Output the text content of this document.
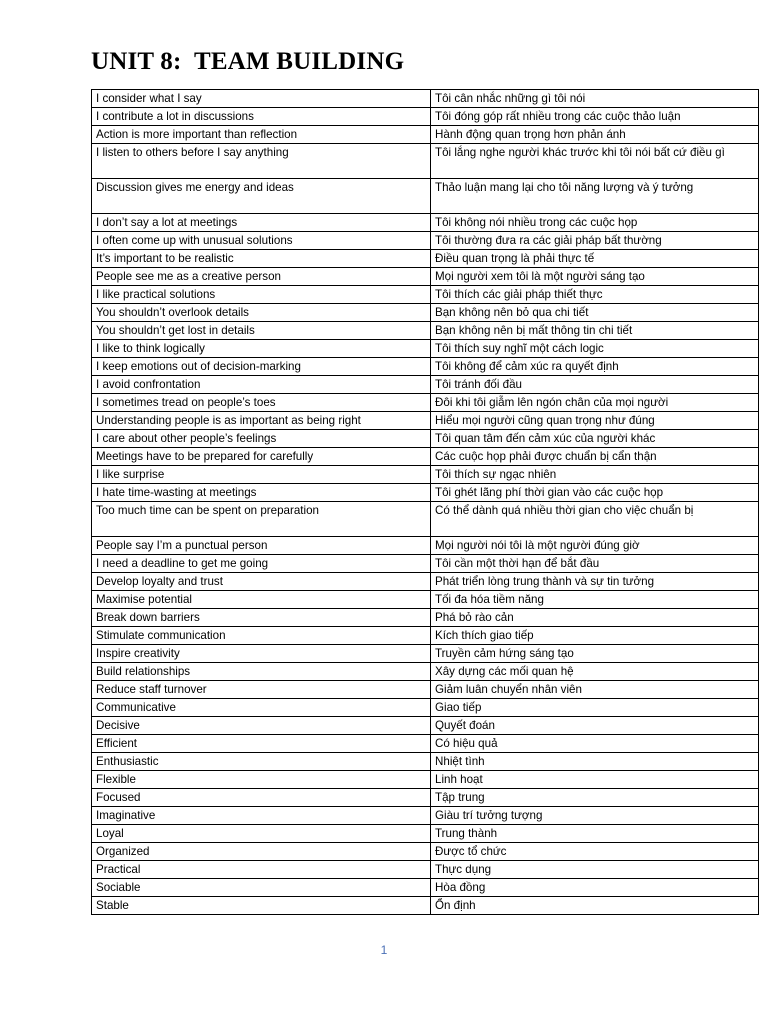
UNIT 8:  TEAM BUILDING
I consider what I say	Tôi cân nhắc những gì tôi nói
I contribute a lot in discussions	Tôi đóng góp rất nhiều trong các cuộc thảo luận
Action is more important than reflection	Hành động quan trọng hơn phản ánh
I listen to others before I say anything	Tôi lắng nghe người khác trước khi tôi nói bất cứ điều gì
Discussion gives me energy and ideas	Thảo luận mang lại cho tôi năng lượng và ý tưởng
I don’t say a lot at meetings	Tôi không nói nhiều trong các cuộc họp
I often come up with unusual solutions	Tôi thường đưa ra các giải pháp bất thường
It’s important to be realistic	Điều quan trọng là phải thực tế
People see me as a creative person	Mọi người xem tôi là một người sáng tạo
I like practical solutions	Tôi thích các giải pháp thiết thực
You shouldn’t overlook details	Bạn không nên bỏ qua chi tiết
You shouldn’t get lost in details	Bạn không nên bị mất thông tin chi tiết
I like to think logically	Tôi thích suy nghĩ một cách logic
I keep emotions out of decision-marking	Tôi không để cảm xúc ra quyết định
I avoid confrontation	Tôi tránh đối đầu
I sometimes tread on people’s toes	Đôi khi tôi giẫm lên ngón chân của mọi người
Understanding people is as important as being right	Hiểu mọi người cũng quan trọng như đúng
I care about other people’s feelings	Tôi quan tâm đến cảm xúc của người khác
Meetings have to be prepared for carefully	Các cuộc họp phải được chuẩn bị cẩn thận
I like surprise	Tôi thích sự ngạc nhiên
I hate time-wasting at meetings	Tôi ghét lãng phí thời gian vào các cuộc họp
Too much time can be spent on preparation	Có thể dành quá nhiều thời gian cho việc chuẩn bị
People say I’m a punctual person	Mọi người nói tôi là một người đúng giờ
I need a deadline to get me going	Tôi cần một thời hạn để bắt đầu
Develop loyalty and trust	Phát triển lòng trung thành và sự tin tưởng
Maximise potential	Tối đa hóa tiềm năng
Break down barriers	Phá bỏ rào cản
Stimulate communication	Kích thích giao tiếp
Inspire creativity	Truyền cảm hứng sáng tạo
Build relationships	Xây dựng các mối quan hệ
Reduce staff turnover	Giảm luân chuyển nhân viên
Communicative	Giao tiếp
Decisive	Quyết đoán
Efficient	Có hiệu quả
Enthusiastic	Nhiệt tình
Flexible	Linh hoạt
Focused	Tập trung
Imaginative	Giàu trí tưởng tượng
Loyal	Trung thành
Organized	Được tổ chức
Practical	Thực dụng
Sociable	Hòa đồng
Stable	Ổn định
1
